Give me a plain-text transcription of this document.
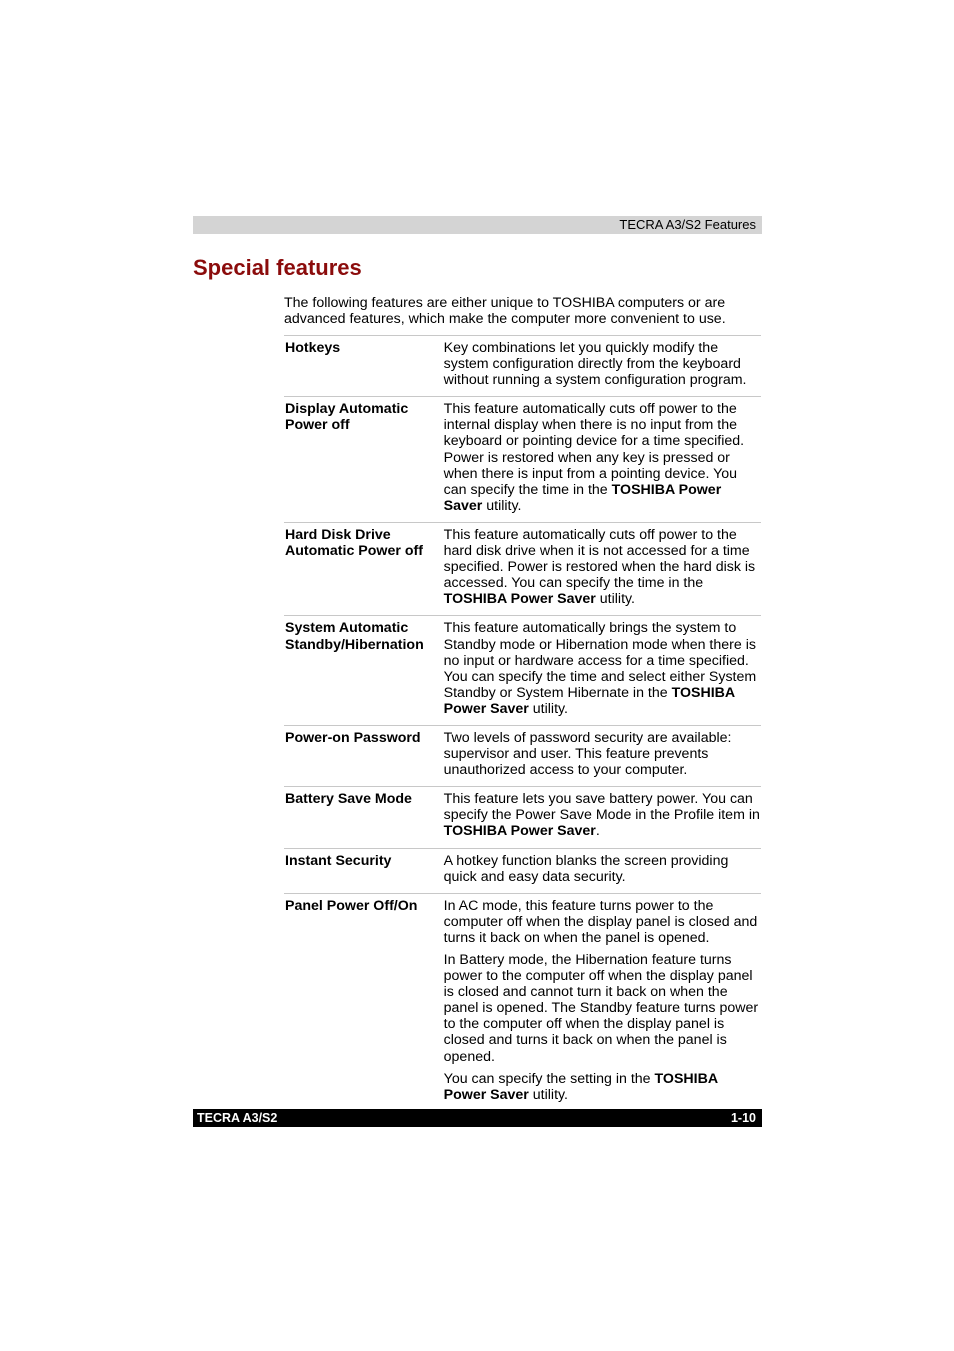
TECRA A3/S2 Features
Special features

The following features are either unique to TOSHIBA computers or are advanced features, which make the computer more convenient to use.

Hotkeys	Key combinations let you quickly modify the system configuration directly from the keyboard without running a system configuration program.

Display Automatic Power off	This feature automatically cuts off power to the internal display when there is no input from the keyboard or pointing device for a time specified. Power is restored when any key is pressed or when there is input from a pointing device. You can specify the time in the TOSHIBA Power Saver utility.

Hard Disk Drive Automatic Power off	This feature automatically cuts off power to the hard disk drive when it is not accessed for a time specified. Power is restored when the hard disk is accessed. You can specify the time in the TOSHIBA Power Saver utility.

System Automatic Standby/Hibernation	This feature automatically brings the system to Standby mode or Hibernation mode when there is no input or hardware access for a time specified. You can specify the time and select either System Standby or System Hibernate in the TOSHIBA Power Saver utility.

Power-on Password	Two levels of password security are available: supervisor and user. This feature prevents unauthorized access to your computer.

Battery Save Mode	This feature lets you save battery power. You can specify the Power Save Mode in the Profile item in TOSHIBA Power Saver.

Instant Security	A hotkey function blanks the screen providing quick and easy data security.

Panel Power Off/On	In AC mode, this feature turns power to the computer off when the display panel is closed and turns it back on when the panel is opened.

In Battery mode, the Hibernation feature turns power to the computer off when the display panel is closed and cannot turn it back on when the panel is opened. The Standby feature turns power to the computer off when the display panel is closed and turns it back on when the panel is opened.

You can specify the setting in the TOSHIBA Power Saver utility.

TECRA A3/S2	1-10
